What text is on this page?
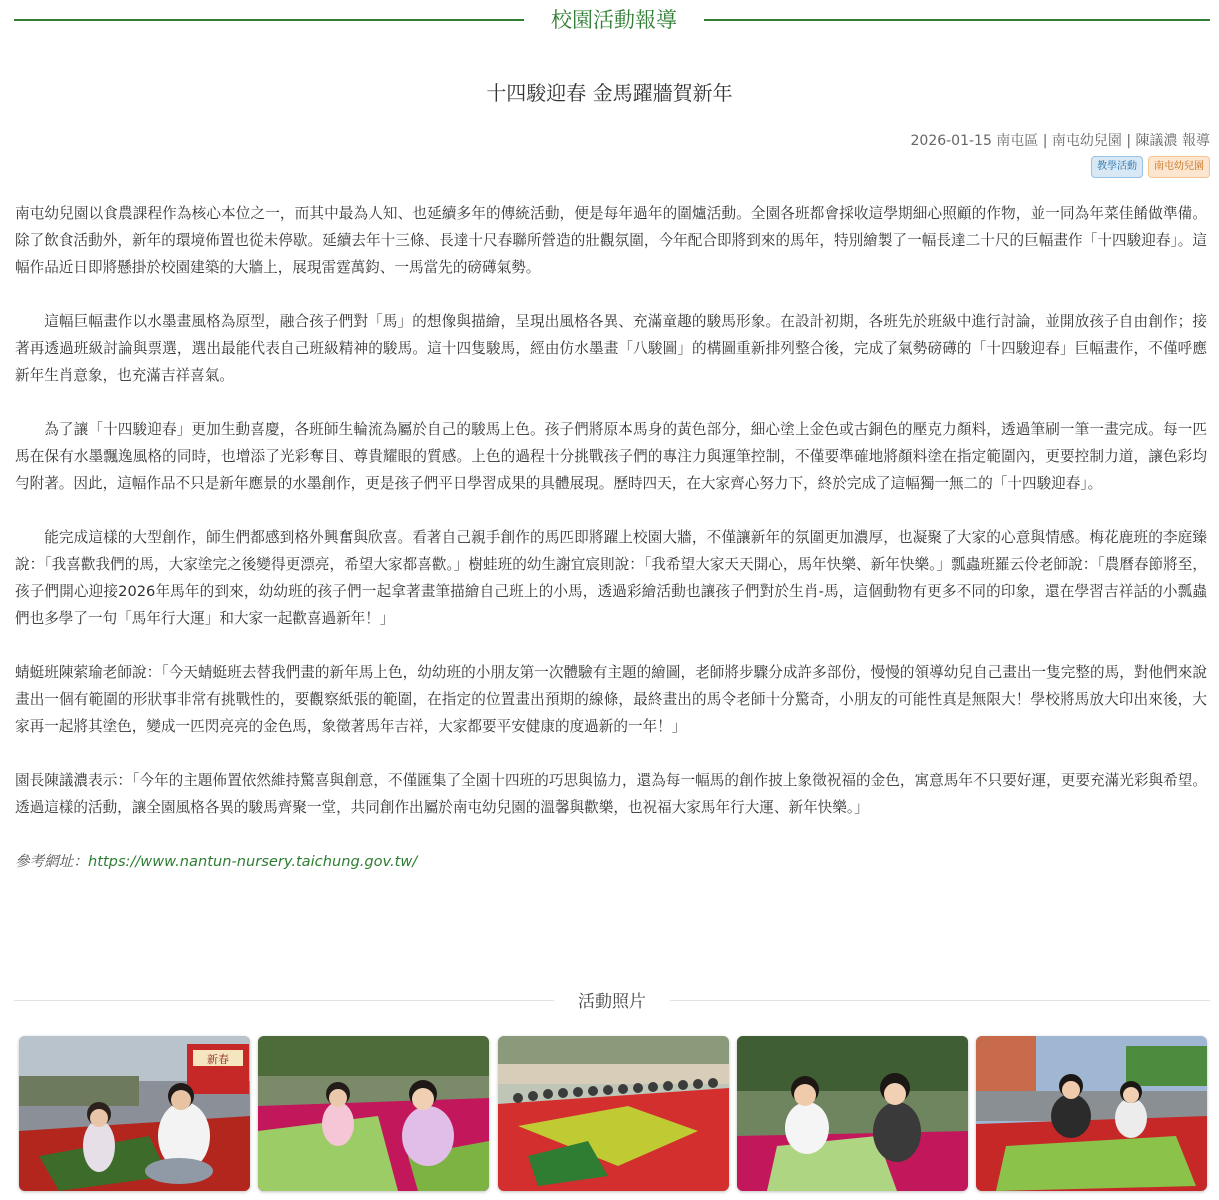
校園活動報導
十四駿迎春 金馬躍牆賀新年
2026-01-15 南屯區 | 南屯幼兒園 | 陳議濃 報導
教學活動	南屯幼兒園

南屯幼兒園以食農課程作為核心本位之一，而其中最為人知、也延續多年的傳統活動，便是每年過年的圍爐活動。全園各班都會採收這學期細心照顧的作物，並一同為年菜佳餚做準備。除了飲食活動外，新年的環境佈置也從未停歇。延續去年十三條、長達十尺春聯所營造的壯觀氛圍，今年配合即將到來的馬年，特別繪製了一幅長達二十尺的巨幅畫作「十四駿迎春」。這幅作品近日即將懸掛於校園建築的大牆上，展現雷霆萬鈞、一馬當先的磅礡氣勢。

這幅巨幅畫作以水墨畫風格為原型，融合孩子們對「馬」的想像與描繪，呈現出風格各異、充滿童趣的駿馬形象。在設計初期，各班先於班級中進行討論，並開放孩子自由創作；接著再透過班級討論與票選，選出最能代表自己班級精神的駿馬。這十四隻駿馬，經由仿水墨畫「八駿圖」的構圖重新排列整合後，完成了氣勢磅礡的「十四駿迎春」巨幅畫作，不僅呼應新年生肖意象，也充滿吉祥喜氣。

為了讓「十四駿迎春」更加生動喜慶，各班師生輪流為屬於自己的駿馬上色。孩子們將原本馬身的黃色部分，細心塗上金色或古銅色的壓克力顏料，透過筆刷一筆一畫完成。每一匹馬在保有水墨飄逸風格的同時，也增添了光彩奪目、尊貴耀眼的質感。上色的過程十分挑戰孩子們的專注力與運筆控制，不僅要準確地將顏料塗在指定範圍內，更要控制力道，讓色彩均勻附著。因此，這幅作品不只是新年應景的水墨創作，更是孩子們平日學習成果的具體展現。歷時四天，在大家齊心努力下，終於完成了這幅獨一無二的「十四駿迎春」。

能完成這樣的大型創作，師生們都感到格外興奮與欣喜。看著自己親手創作的馬匹即將躍上校園大牆，不僅讓新年的氛圍更加濃厚，也凝聚了大家的心意與情感。梅花鹿班的李庭臻說：「我喜歡我們的馬，大家塗完之後變得更漂亮，希望大家都喜歡。」樹蛙班的幼生謝宜宸則說：「我希望大家天天開心，馬年快樂、新年快樂。」瓢蟲班羅云伶老師說：「農曆春節將至，孩子們開心迎接2026年馬年的到來，幼幼班的孩子們一起拿著畫筆描繪自己班上的小馬，透過彩繪活動也讓孩子們對於生肖-馬，這個動物有更多不同的印象，還在學習吉祥話的小瓢蟲們也多學了一句「馬年行大運」和大家一起歡喜過新年！」

蜻蜓班陳萦瑜老師說：「今天蜻蜓班去替我們畫的新年馬上色，幼幼班的小朋友第一次體驗有主題的繪圖，老師將步驟分成許多部份，慢慢的領導幼兒自己畫出一隻完整的馬，對他們來說畫出一個有範圍的形狀事非常有挑戰性的，要觀察紙張的範圍，在指定的位置畫出預期的線條，最終畫出的馬令老師十分驚奇，小朋友的可能性真是無限大！學校將馬放大印出來後，大家再一起將其塗色，變成一匹閃亮亮的金色馬，象徵著馬年吉祥，大家都要平安健康的度過新的一年！」

園長陳議濃表示：「今年的主題佈置依然維持驚喜與創意，不僅匯集了全園十四班的巧思與協力，還為每一幅馬的創作披上象徵祝福的金色，寓意馬年不只要好運，更要充滿光彩與希望。透過這樣的活動，讓全園風格各異的駿馬齊聚一堂，共同創作出屬於南屯幼兒園的溫馨與歡樂，也祝福大家馬年行大運、新年快樂。」

參考網址：https://www.nantun-nursery.taichung.gov.tw/
活動照片
新春
